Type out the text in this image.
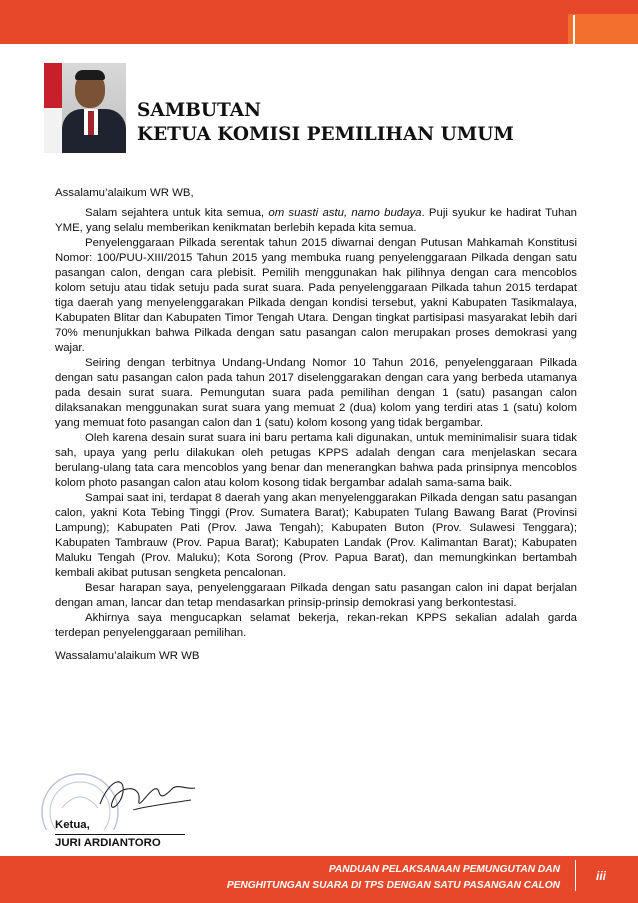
SAMBUTAN
KETUA KOMISI PEMILIHAN UMUM

Assalamu’alaikum WR WB,

Salam sejahtera untuk kita semua, om suasti astu, namo budaya. Puji syukur ke hadirat Tuhan YME, yang selalu memberikan kenikmatan berlebih kepada kita semua.

Penyelenggaraan Pilkada serentak tahun 2015 diwarnai dengan Putusan Mahkamah Konstitusi Nomor: 100/PUU-XIII/2015 Tahun 2015 yang membuka ruang penyelenggaraan Pilkada dengan satu pasangan calon, dengan cara plebisit. Pemilih menggunakan hak pilihnya dengan cara mencoblos kolom setuju atau tidak setuju pada surat suara. Pada penyelenggaraan Pilkada tahun 2015 terdapat tiga daerah yang menyelenggarakan Pilkada dengan kondisi tersebut, yakni Kabupaten Tasikmalaya, Kabupaten Blitar dan Kabupaten Timor Tengah Utara. Dengan tingkat partisipasi masyarakat lebih dari 70% menunjukkan bahwa Pilkada dengan satu pasangan calon merupakan proses demokrasi yang wajar.

Seiring dengan terbitnya Undang-Undang Nomor 10 Tahun 2016, penyelenggaraan Pilkada dengan satu pasangan calon pada tahun 2017 diselenggarakan dengan cara yang berbeda utamanya pada desain surat suara. Pemungutan suara pada pemilihan dengan 1 (satu) pasangan calon dilaksanakan menggunakan surat suara yang memuat 2 (dua) kolom yang terdiri atas 1 (satu) kolom yang memuat foto pasangan calon dan 1 (satu) kolom kosong yang tidak bergambar.

Oleh karena desain surat suara ini baru pertama kali digunakan, untuk meminimalisir suara tidak sah, upaya yang perlu dilakukan oleh petugas KPPS adalah dengan cara menjelaskan secara berulang-ulang tata cara mencoblos yang benar dan menerangkan bahwa pada prinsipnya mencoblos kolom photo pasangan calon atau kolom kosong tidak bergambar adalah sama-sama baik.

Sampai saat ini, terdapat 8 daerah yang akan menyelenggarakan Pilkada dengan satu pasangan calon, yakni Kota Tebing Tinggi (Prov. Sumatera Barat); Kabupaten Tulang Bawang Barat (Provinsi Lampung); Kabupaten Pati (Prov. Jawa Tengah); Kabupaten Buton (Prov. Sulawesi Tenggara); Kabupaten Tambrauw (Prov. Papua Barat); Kabupaten Landak (Prov. Kalimantan Barat); Kabupaten Maluku Tengah (Prov. Maluku); Kota Sorong (Prov. Papua Barat), dan memungkinkan bertambah kembali akibat putusan sengketa pencalonan.

Besar harapan saya, penyelenggaraan Pilkada dengan satu pasangan calon ini dapat berjalan dengan aman, lancar dan tetap mendasarkan prinsip-prinsip demokrasi yang berkontestasi.

Akhirnya saya mengucapkan selamat bekerja, rekan-rekan KPPS sekalian adalah garda terdepan penyelenggaraan pemilihan.

Wassalamu’alaikum WR WB

Ketua,
JURI ARDIANTORO
PANDUAN PELAKSANAAN PEMUNGUTAN DAN
PENGHITUNGAN SUARA DI TPS DENGAN SATU PASANGAN CALON
iii
